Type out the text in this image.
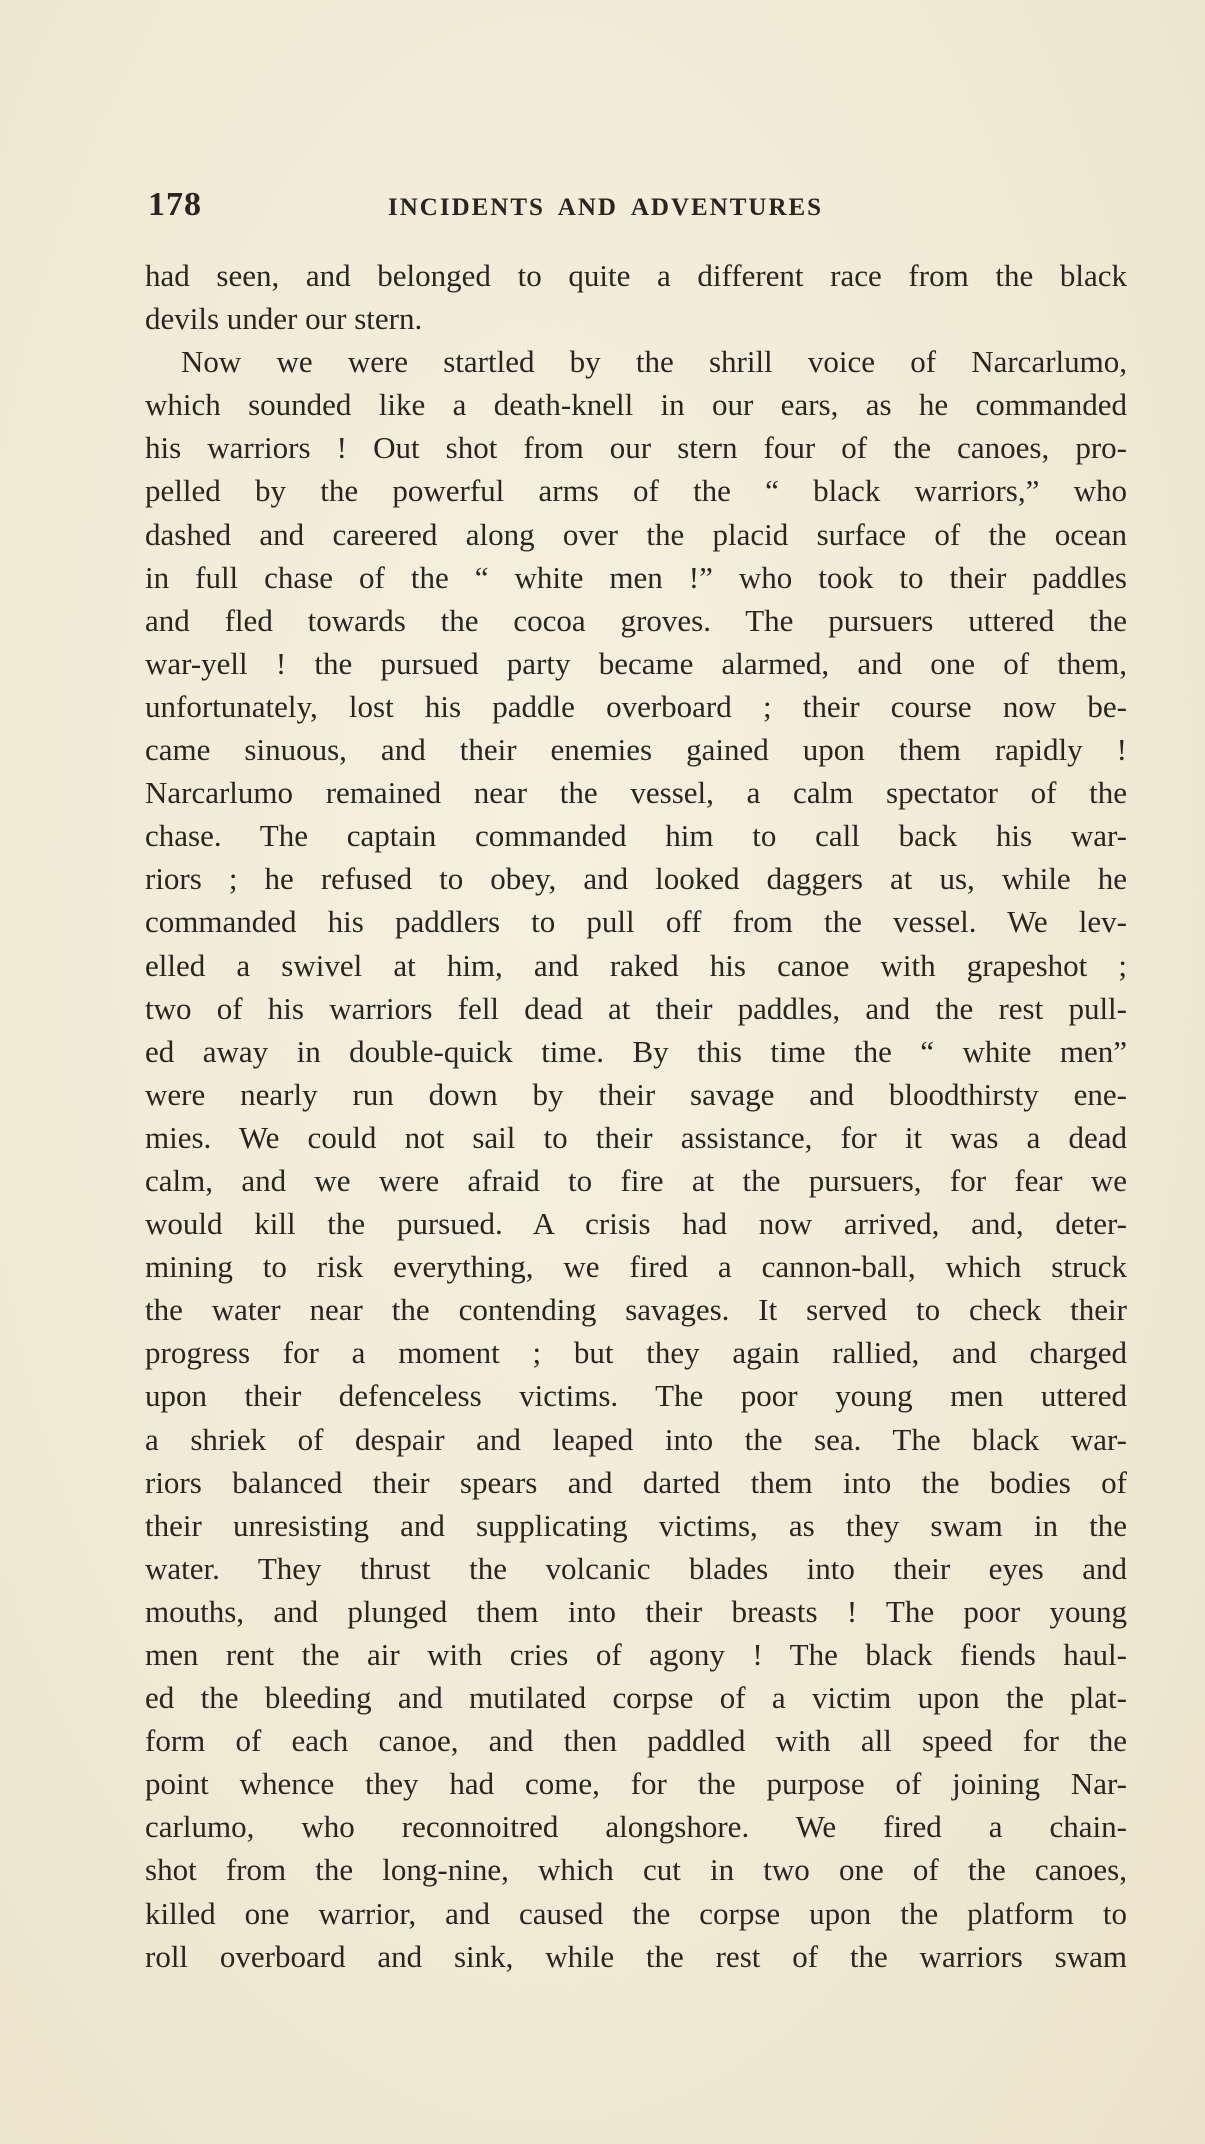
178	INCIDENTS AND ADVENTURES
had seen, and belonged to quite a different race from the black
devils under our stern.
Now we were startled by the shrill voice of Narcarlumo,
which sounded like a death-knell in our ears, as he commanded
his warriors ! Out shot from our stern four of the canoes, pro-
pelled by the powerful arms of the “ black warriors,” who
dashed and careered along over the placid surface of the ocean
in full chase of the “ white men !” who took to their paddles
and fled towards the cocoa groves. The pursuers uttered the
war-yell ! the pursued party became alarmed, and one of them,
unfortunately, lost his paddle overboard ; their course now be-
came sinuous, and their enemies gained upon them rapidly !
Narcarlumo remained near the vessel, a calm spectator of the
chase. The captain commanded him to call back his war-
riors ; he refused to obey, and looked daggers at us, while he
commanded his paddlers to pull off from the vessel. We lev-
elled a swivel at him, and raked his canoe with grapeshot ;
two of his warriors fell dead at their paddles, and the rest pull-
ed away in double-quick time. By this time the “ white men”
were nearly run down by their savage and bloodthirsty ene-
mies. We could not sail to their assistance, for it was a dead
calm, and we were afraid to fire at the pursuers, for fear we
would kill the pursued. A crisis had now arrived, and, deter-
mining to risk everything, we fired a cannon-ball, which struck
the water near the contending savages. It served to check their
progress for a moment ; but they again rallied, and charged
upon their defenceless victims. The poor young men uttered
a shriek of despair and leaped into the sea. The black war-
riors balanced their spears and darted them into the bodies of
their unresisting and supplicating victims, as they swam in the
water. They thrust the volcanic blades into their eyes and
mouths, and plunged them into their breasts ! The poor young
men rent the air with cries of agony ! The black fiends haul-
ed the bleeding and mutilated corpse of a victim upon the plat-
form of each canoe, and then paddled with all speed for the
point whence they had come, for the purpose of joining Nar-
carlumo, who reconnoitred alongshore. We fired a chain-
shot from the long-nine, which cut in two one of the canoes,
killed one warrior, and caused the corpse upon the platform to
roll overboard and sink, while the rest of the warriors swam
